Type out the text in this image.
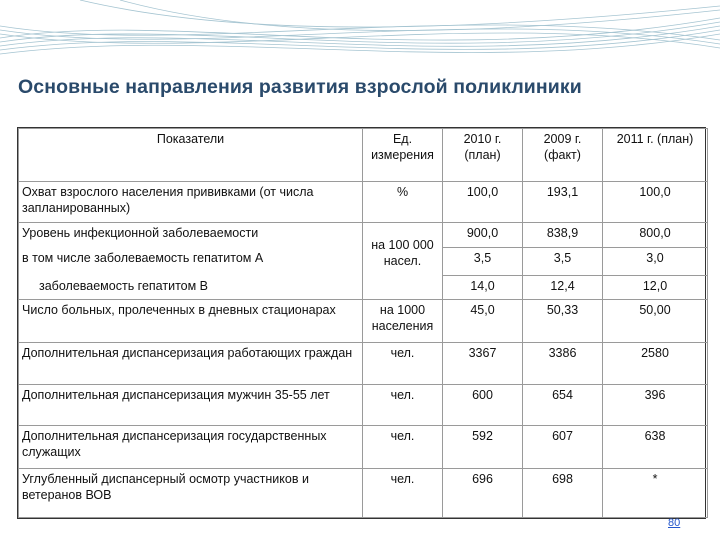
Основные направления развития взрослой поликлиники
Показатели	Ед. измерения	2010 г. (план)	2009 г. (факт)	2011 г. (план)
Охват взрослого населения прививками (от числа запланированных)	%	100,0	193,1	100,0
Уровень инфекционной заболеваемости	на 100 000 насел.	900,0	838,9	800,0
в том числе заболеваемость гепатитом А		3,5	3,5	3,0
заболеваемость гепатитом В		14,0	12,4	12,0
Число больных, пролеченных в дневных стационарах	на 1000 населения	45,0	50,33	50,00
Дополнительная диспансеризация работающих граждан	чел.	3367	3386	2580
Дополнительная диспансеризация мужчин 35-55 лет	чел.	600	654	396
Дополнительная диспансеризация государственных служащих	чел.	592	607	638
Углубленный диспансерный осмотр участников и ветеранов ВОВ	чел.	696	698	*
80
